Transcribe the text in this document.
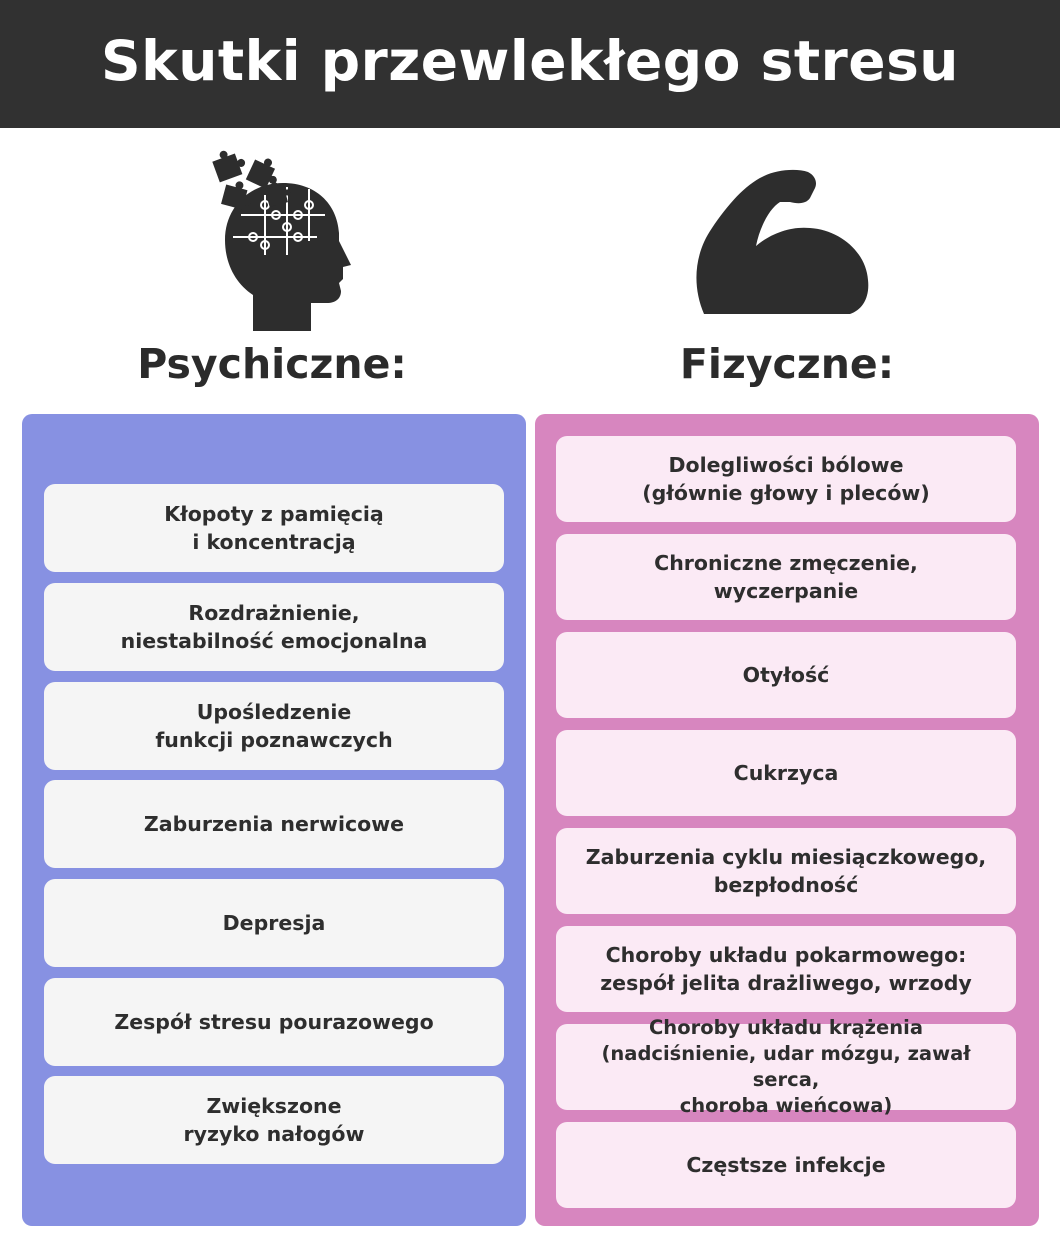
Skutki przewlekłego stresu
Psychiczne:	Fizyczne:
Kłopoty z pamięcią
i koncentracją
Rozdrażnienie,
niestabilność emocjonalna
Upośledzenie
funkcji poznawczych
Zaburzenia nerwicowe
Depresja
Zespół stresu pourazowego
Zwiększone
ryzyko nałogów
Dolegliwości bólowe
(głównie głowy i pleców)
Chroniczne zmęczenie,
wyczerpanie
Otyłość
Cukrzyca
Zaburzenia cyklu miesiączkowego,
bezpłodność
Choroby układu pokarmowego:
zespół jelita drażliwego, wrzody
Choroby układu krążenia
(nadciśnienie, udar mózgu, zawał serca,
choroba wieńcowa)
Częstsze infekcje
